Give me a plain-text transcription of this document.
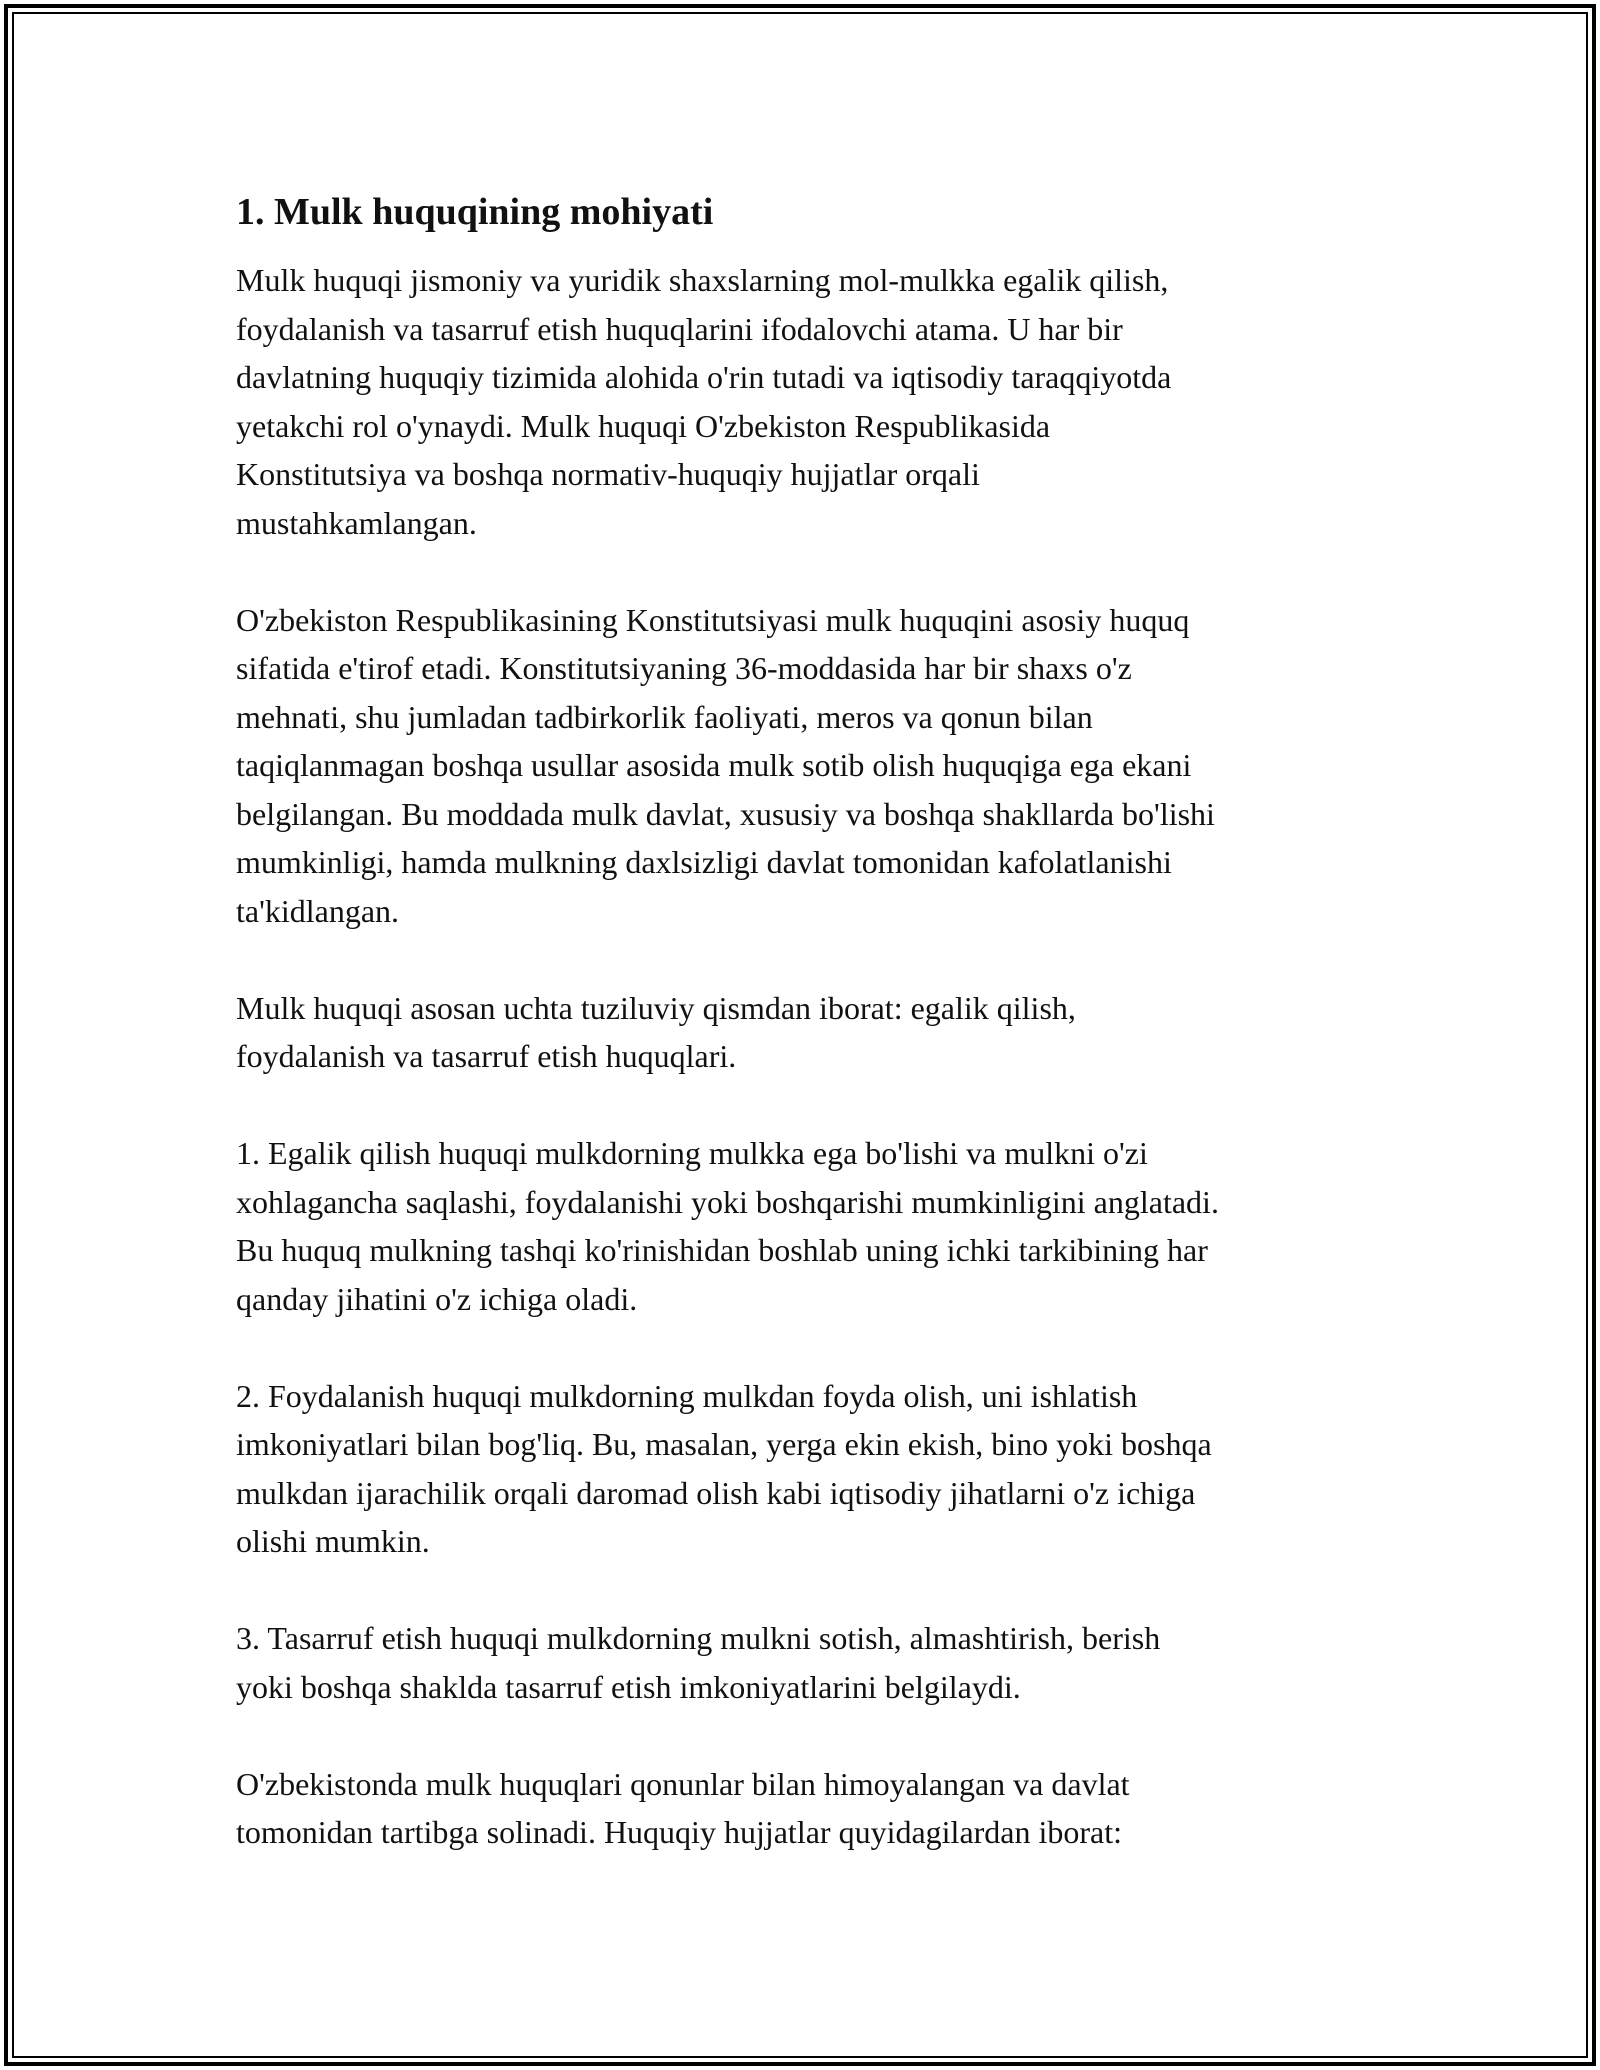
1. Mulk huquqining mohiyati

Mulk huquqi jismoniy va yuridik shaxslarning mol-mulkka egalik qilish,
foydalanish va tasarruf etish huquqlarini ifodalovchi atama. U har bir
davlatning huquqiy tizimida alohida o'rin tutadi va iqtisodiy taraqqiyotda
yetakchi rol o'ynaydi. Mulk huquqi O'zbekiston Respublikasida
Konstitutsiya va boshqa normativ-huquqiy hujjatlar orqali
mustahkamlangan.

O'zbekiston Respublikasining Konstitutsiyasi mulk huquqini asosiy huquq
sifatida e'tirof etadi. Konstitutsiyaning 36-moddasida har bir shaxs o'z
mehnati, shu jumladan tadbirkorlik faoliyati, meros va qonun bilan
taqiqlanmagan boshqa usullar asosida mulk sotib olish huquqiga ega ekani
belgilangan. Bu moddada mulk davlat, xususiy va boshqa shakllarda bo'lishi
mumkinligi, hamda mulkning daxlsizligi davlat tomonidan kafolatlanishi
ta'kidlangan.

Mulk huquqi asosan uchta tuziluviy qismdan iborat: egalik qilish,
foydalanish va tasarruf etish huquqlari.

1. Egalik qilish huquqi mulkdorning mulkka ega bo'lishi va mulkni o'zi
xohlagancha saqlashi, foydalanishi yoki boshqarishi mumkinligini anglatadi.
Bu huquq mulkning tashqi ko'rinishidan boshlab uning ichki tarkibining har
qanday jihatini o'z ichiga oladi.

2. Foydalanish huquqi mulkdorning mulkdan foyda olish, uni ishlatish
imkoniyatlari bilan bog'liq. Bu, masalan, yerga ekin ekish, bino yoki boshqa
mulkdan ijarachilik orqali daromad olish kabi iqtisodiy jihatlarni o'z ichiga
olishi mumkin.

3. Tasarruf etish huquqi mulkdorning mulkni sotish, almashtirish, berish
yoki boshqa shaklda tasarruf etish imkoniyatlarini belgilaydi.

O'zbekistonda mulk huquqlari qonunlar bilan himoyalangan va davlat
tomonidan tartibga solinadi. Huquqiy hujjatlar quyidagilardan iborat:
